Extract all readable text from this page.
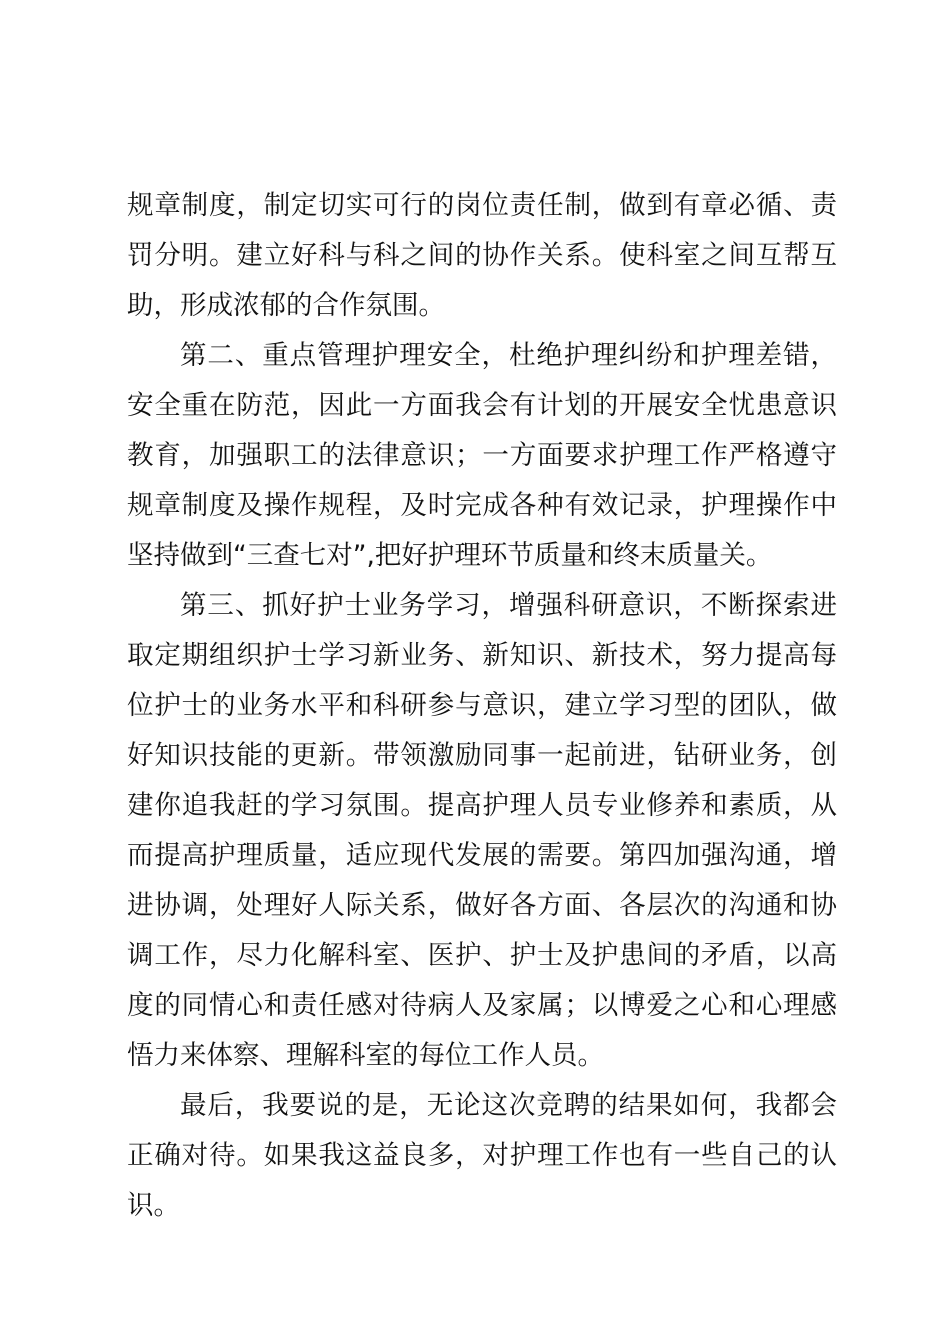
规章制度，制定切实可行的岗位责任制，做到有章必循、责罚分明。建立好科与科之间的协作关系。使科室之间互帮互助，形成浓郁的合作氛围。

第二、重点管理护理安全，杜绝护理纠纷和护理差错，安全重在防范，因此一方面我会有计划的开展安全忧患意识教育，加强职工的法律意识；一方面要求护理工作严格遵守规章制度及操作规程，及时完成各种有效记录，护理操作中坚持做到“三查七对”,把好护理环节质量和终末质量关。

第三、抓好护士业务学习，增强科研意识，不断探索进取定期组织护士学习新业务、新知识、新技术，努力提高每位护士的业务水平和科研参与意识，建立学习型的团队，做好知识技能的更新。带领激励同事一起前进，钻研业务，创建你追我赶的学习氛围。提高护理人员专业修养和素质，从而提高护理质量，适应现代发展的需要。第四加强沟通，增进协调，处理好人际关系，做好各方面、各层次的沟通和协调工作，尽力化解科室、医护、护士及护患间的矛盾，以高度的同情心和责任感对待病人及家属；以博爱之心和心理感悟力来体察、理解科室的每位工作人员。

最后，我要说的是，无论这次竞聘的结果如何，我都会正确对待。如果我这益良多，对护理工作也有一些自己的认识。
